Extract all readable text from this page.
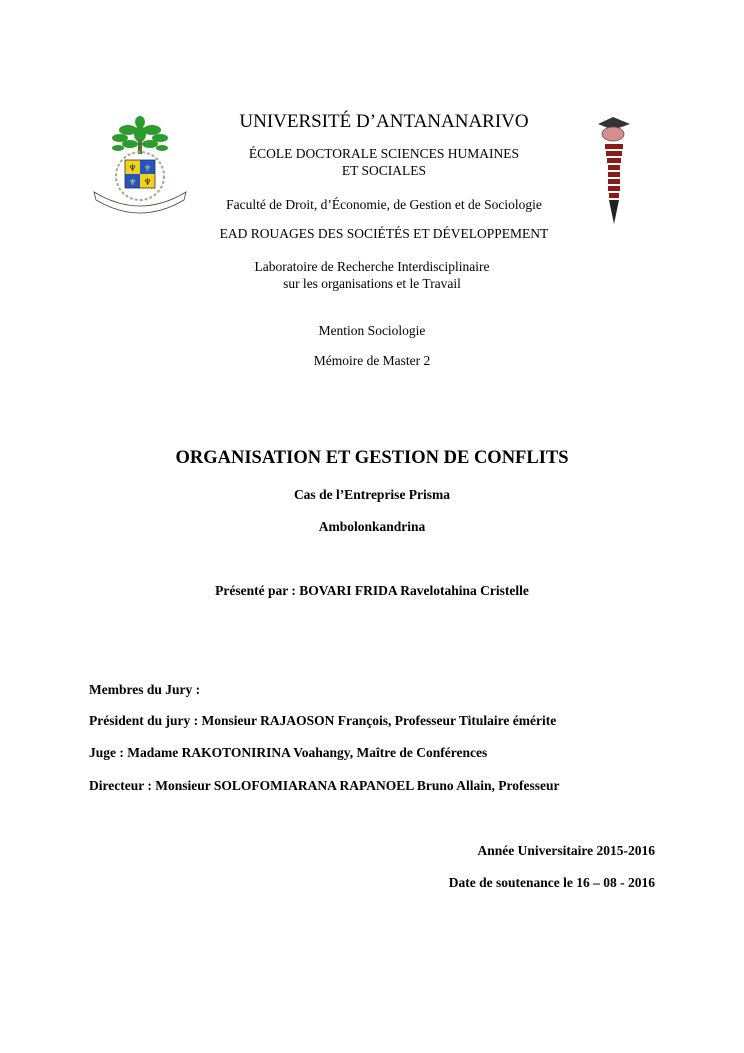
♆ ⚜
⚜ ♆
UNIVERSITÉ D’ANTANANARIVO
ÉCOLE DOCTORALE SCIENCES HUMAINES
ET SOCIALES
Faculté de Droit, d’Économie, de Gestion et de Sociologie
EAD ROUAGES DES SOCIÉTÉS ET DÉVELOPPEMENT
Laboratoire de Recherche Interdisciplinaire
sur les organisations et le Travail
Mention Sociologie
Mémoire de Master 2
ORGANISATION ET GESTION DE CONFLITS
Cas de l’Entreprise Prisma
Ambolonkandrina
Présenté par : BOVARI FRIDA Ravelotahina Cristelle
Membres du Jury :
Président du jury : Monsieur RAJAOSON François, Professeur Titulaire émérite
Juge : Madame RAKOTONIRINA Voahangy, Maître de Conférences
Directeur : Monsieur SOLOFOMIARANA RAPANOEL Bruno Allain, Professeur
Année Universitaire 2015-2016
Date de soutenance le 16 – 08 - 2016
